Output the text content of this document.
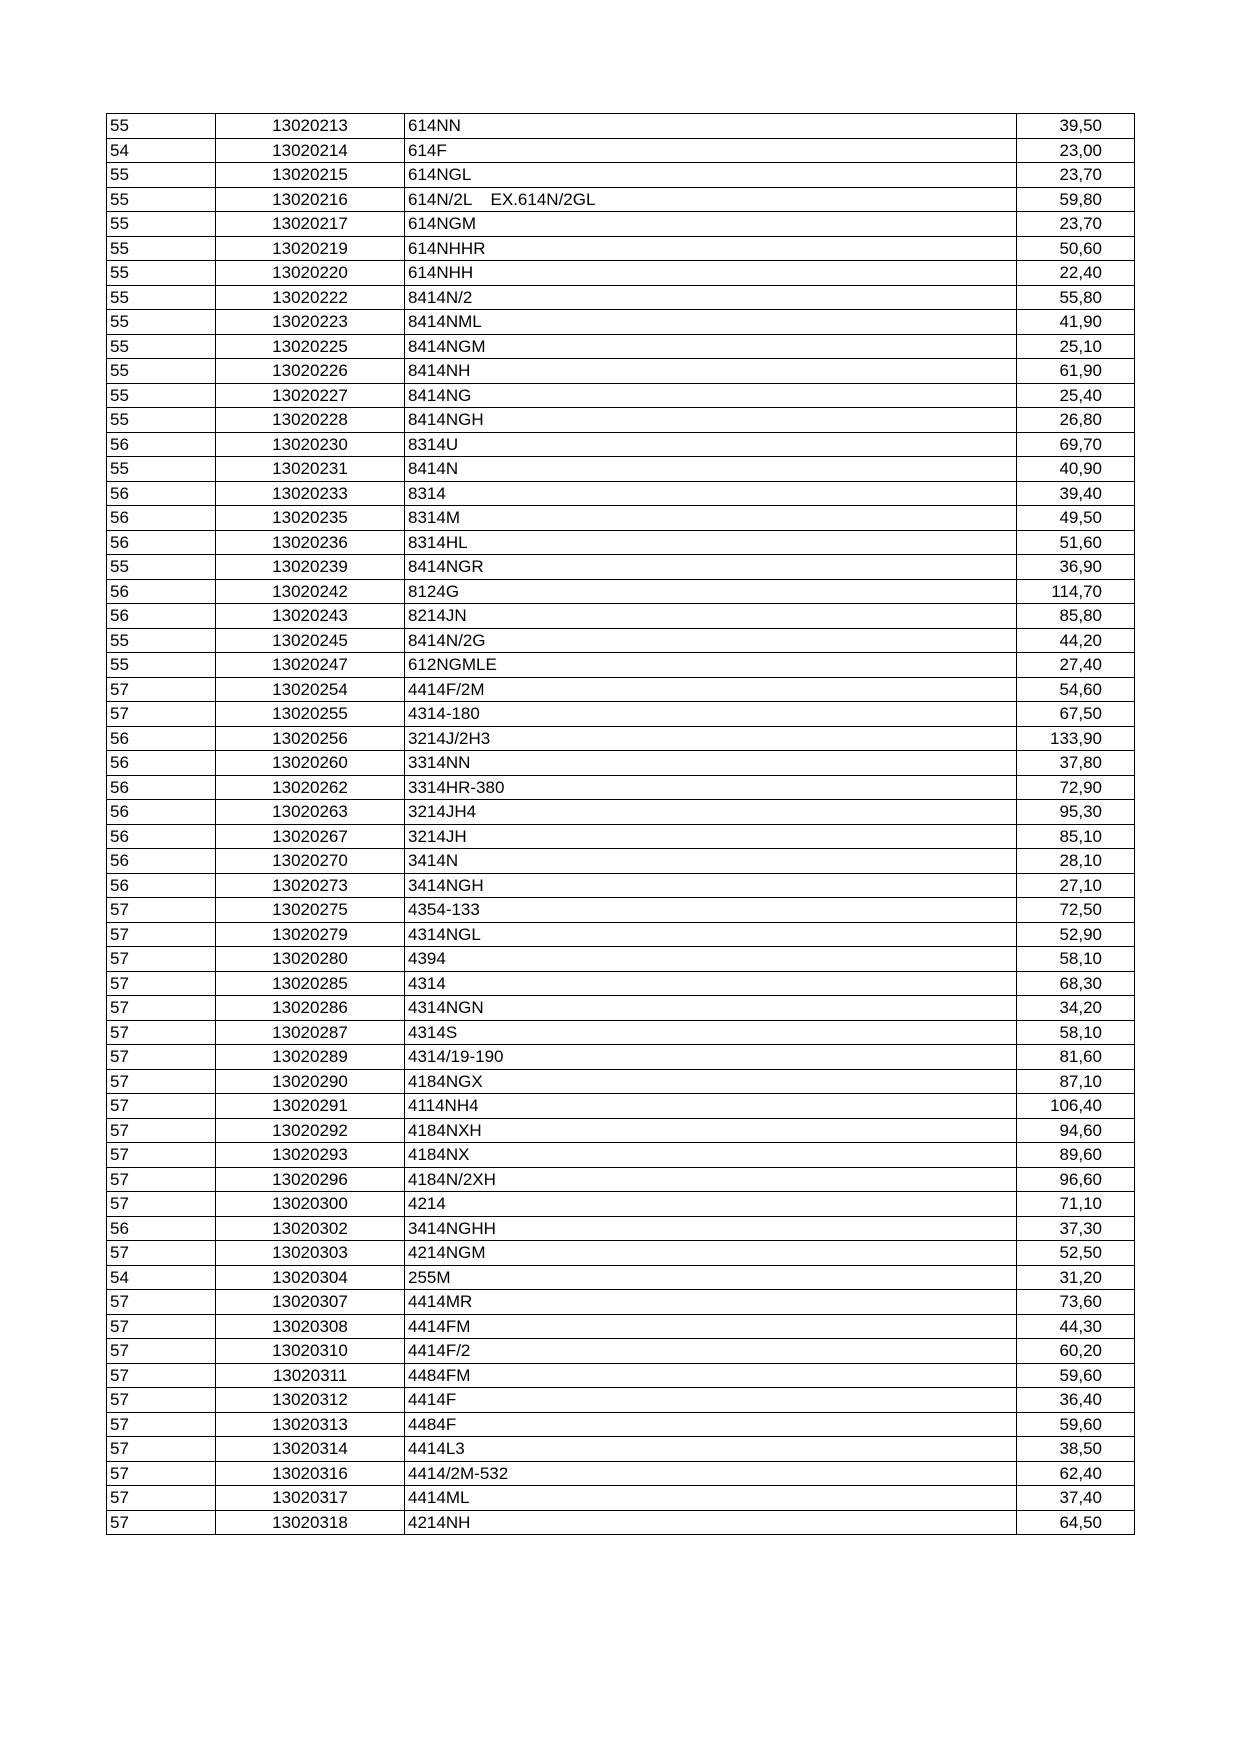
55	13020213	614NN	39,50
54	13020214	614F	23,00
55	13020215	614NGL	23,70
55	13020216	614N/2L    EX.614N/2GL	59,80
55	13020217	614NGM	23,70
55	13020219	614NHHR	50,60
55	13020220	614NHH	22,40
55	13020222	8414N/2	55,80
55	13020223	8414NML	41,90
55	13020225	8414NGM	25,10
55	13020226	8414NH	61,90
55	13020227	8414NG	25,40
55	13020228	8414NGH	26,80
56	13020230	8314U	69,70
55	13020231	8414N	40,90
56	13020233	8314	39,40
56	13020235	8314M	49,50
56	13020236	8314HL	51,60
55	13020239	8414NGR	36,90
56	13020242	8124G	114,70
56	13020243	8214JN	85,80
55	13020245	8414N/2G	44,20
55	13020247	612NGMLE	27,40
57	13020254	4414F/2M	54,60
57	13020255	4314-180	67,50
56	13020256	3214J/2H3	133,90
56	13020260	3314NN	37,80
56	13020262	3314HR-380	72,90
56	13020263	3214JH4	95,30
56	13020267	3214JH	85,10
56	13020270	3414N	28,10
56	13020273	3414NGH	27,10
57	13020275	4354-133	72,50
57	13020279	4314NGL	52,90
57	13020280	4394	58,10
57	13020285	4314	68,30
57	13020286	4314NGN	34,20
57	13020287	4314S	58,10
57	13020289	4314/19-190	81,60
57	13020290	4184NGX	87,10
57	13020291	4114NH4	106,40
57	13020292	4184NXH	94,60
57	13020293	4184NX	89,60
57	13020296	4184N/2XH	96,60
57	13020300	4214	71,10
56	13020302	3414NGHH	37,30
57	13020303	4214NGM	52,50
54	13020304	255M	31,20
57	13020307	4414MR	73,60
57	13020308	4414FM	44,30
57	13020310	4414F/2	60,20
57	13020311	4484FM	59,60
57	13020312	4414F	36,40
57	13020313	4484F	59,60
57	13020314	4414L3	38,50
57	13020316	4414/2M-532	62,40
57	13020317	4414ML	37,40
57	13020318	4214NH	64,50
